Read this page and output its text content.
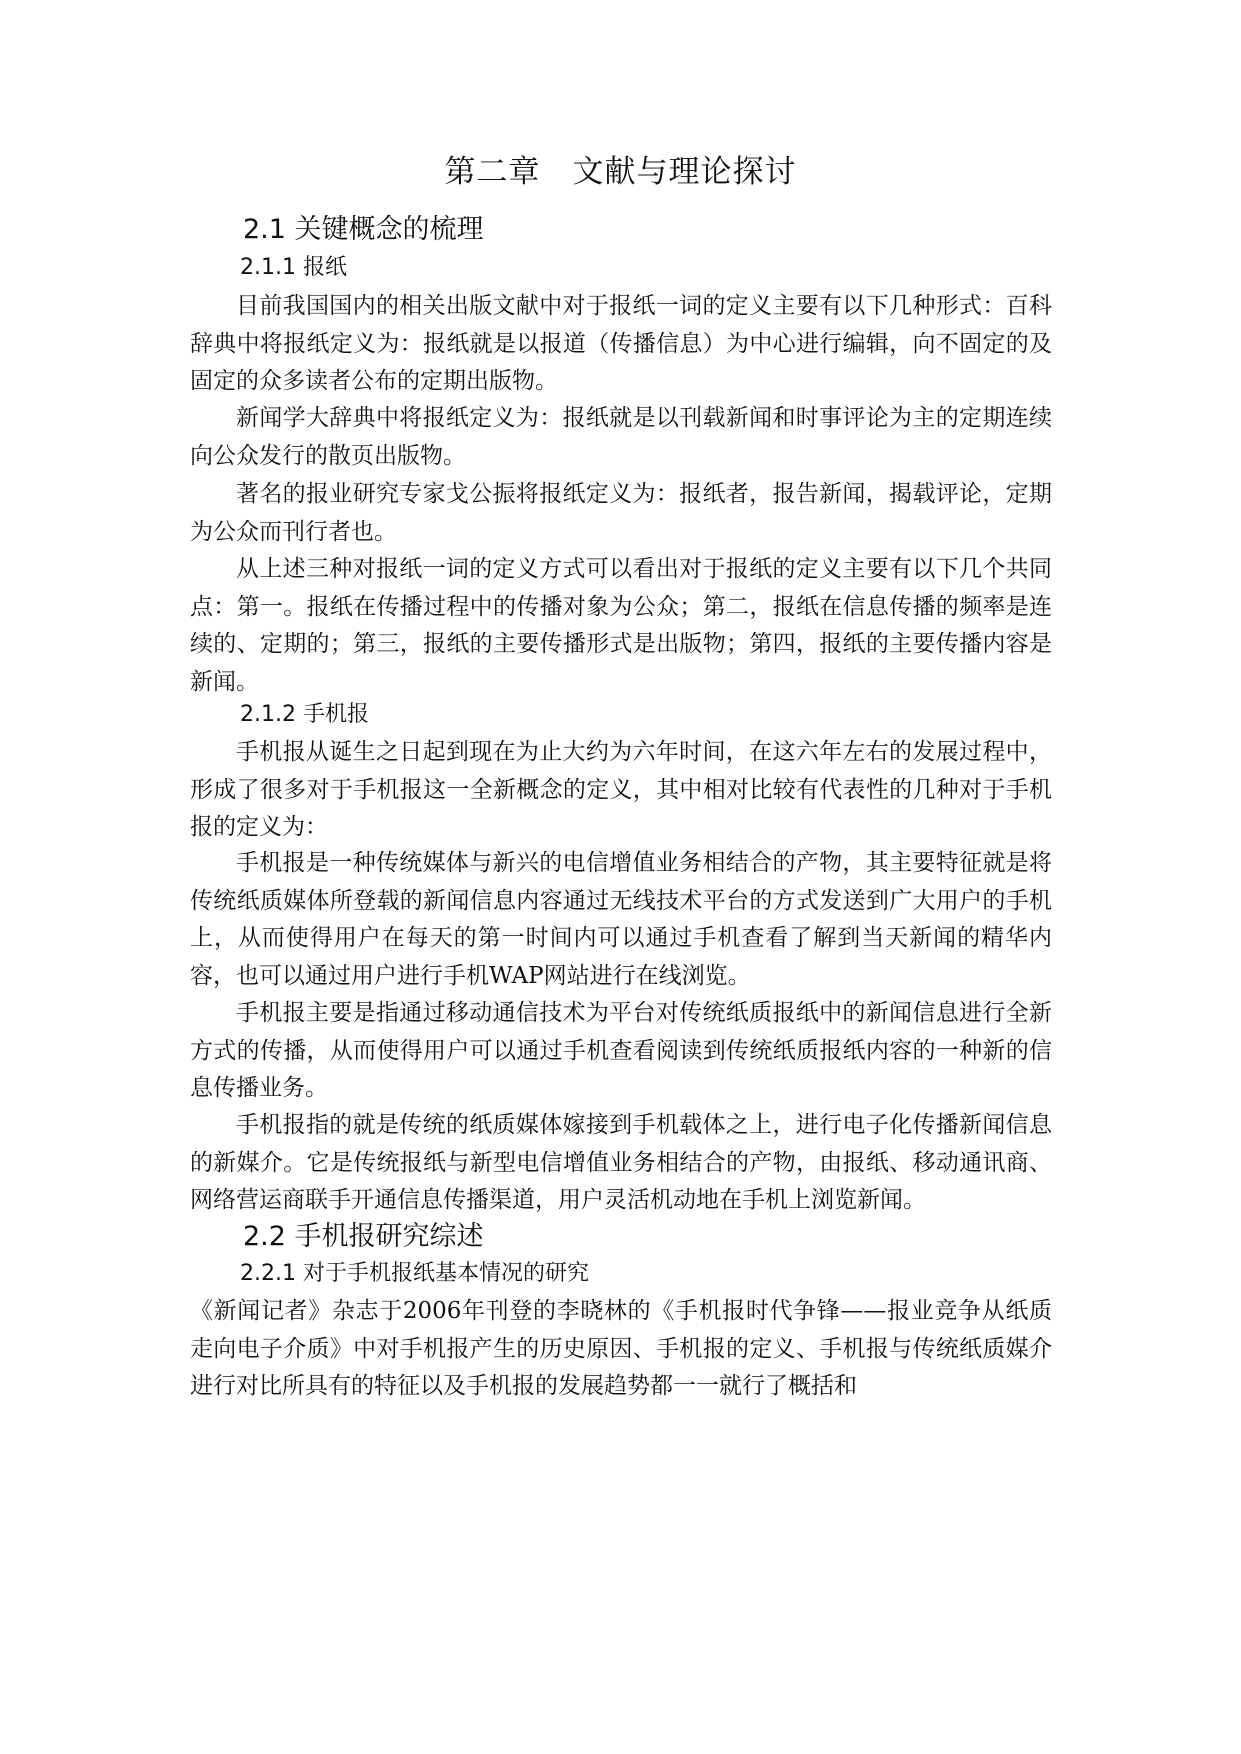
第二章　文献与理论探讨
2.1 关键概念的梳理
2.1.1 报纸

目前我国国内的相关出版文献中对于报纸一词的定义主要有以下几种形式：百科辞典中将报纸定义为：报纸就是以报道（传播信息）为中心进行编辑，向不固定的及固定的众多读者公布的定期出版物。

新闻学大辞典中将报纸定义为：报纸就是以刊载新闻和时事评论为主的定期连续向公众发行的散页出版物。

著名的报业研究专家戈公振将报纸定义为：报纸者，报告新闻，揭载评论，定期为公众而刊行者也。

从上述三种对报纸一词的定义方式可以看出对于报纸的定义主要有以下几个共同点：第一。报纸在传播过程中的传播对象为公众；第二，报纸在信息传播的频率是连续的、定期的；第三，报纸的主要传播形式是出版物；第四，报纸的主要传播内容是新闻。

2.1.2 手机报

手机报从诞生之日起到现在为止大约为六年时间，在这六年左右的发展过程中，形成了很多对于手机报这一全新概念的定义，其中相对比较有代表性的几种对于手机报的定义为：

手机报是一种传统媒体与新兴的电信增值业务相结合的产物，其主要特征就是将传统纸质媒体所登载的新闻信息内容通过无线技术平台的方式发送到广大用户的手机上，从而使得用户在每天的第一时间内可以通过手机查看了解到当天新闻的精华内容，也可以通过用户进行手机WAP网站进行在线浏览。

手机报主要是指通过移动通信技术为平台对传统纸质报纸中的新闻信息进行全新方式的传播，从而使得用户可以通过手机查看阅读到传统纸质报纸内容的一种新的信息传播业务。

手机报指的就是传统的纸质媒体嫁接到手机载体之上，进行电子化传播新闻信息的新媒介。它是传统报纸与新型电信增值业务相结合的产物，由报纸、移动通讯商、网络营运商联手开通信息传播渠道，用户灵活机动地在手机上浏览新闻。

2.2 手机报研究综述
2.2.1 对于手机报纸基本情况的研究

《新闻记者》杂志于2006年刊登的李晓林的《手机报时代争锋——报业竞争从纸质走向电子介质》中对手机报产生的历史原因、手机报的定义、手机报与传统纸质媒介进行对比所具有的特征以及手机报的发展趋势都一一就行了概括和
